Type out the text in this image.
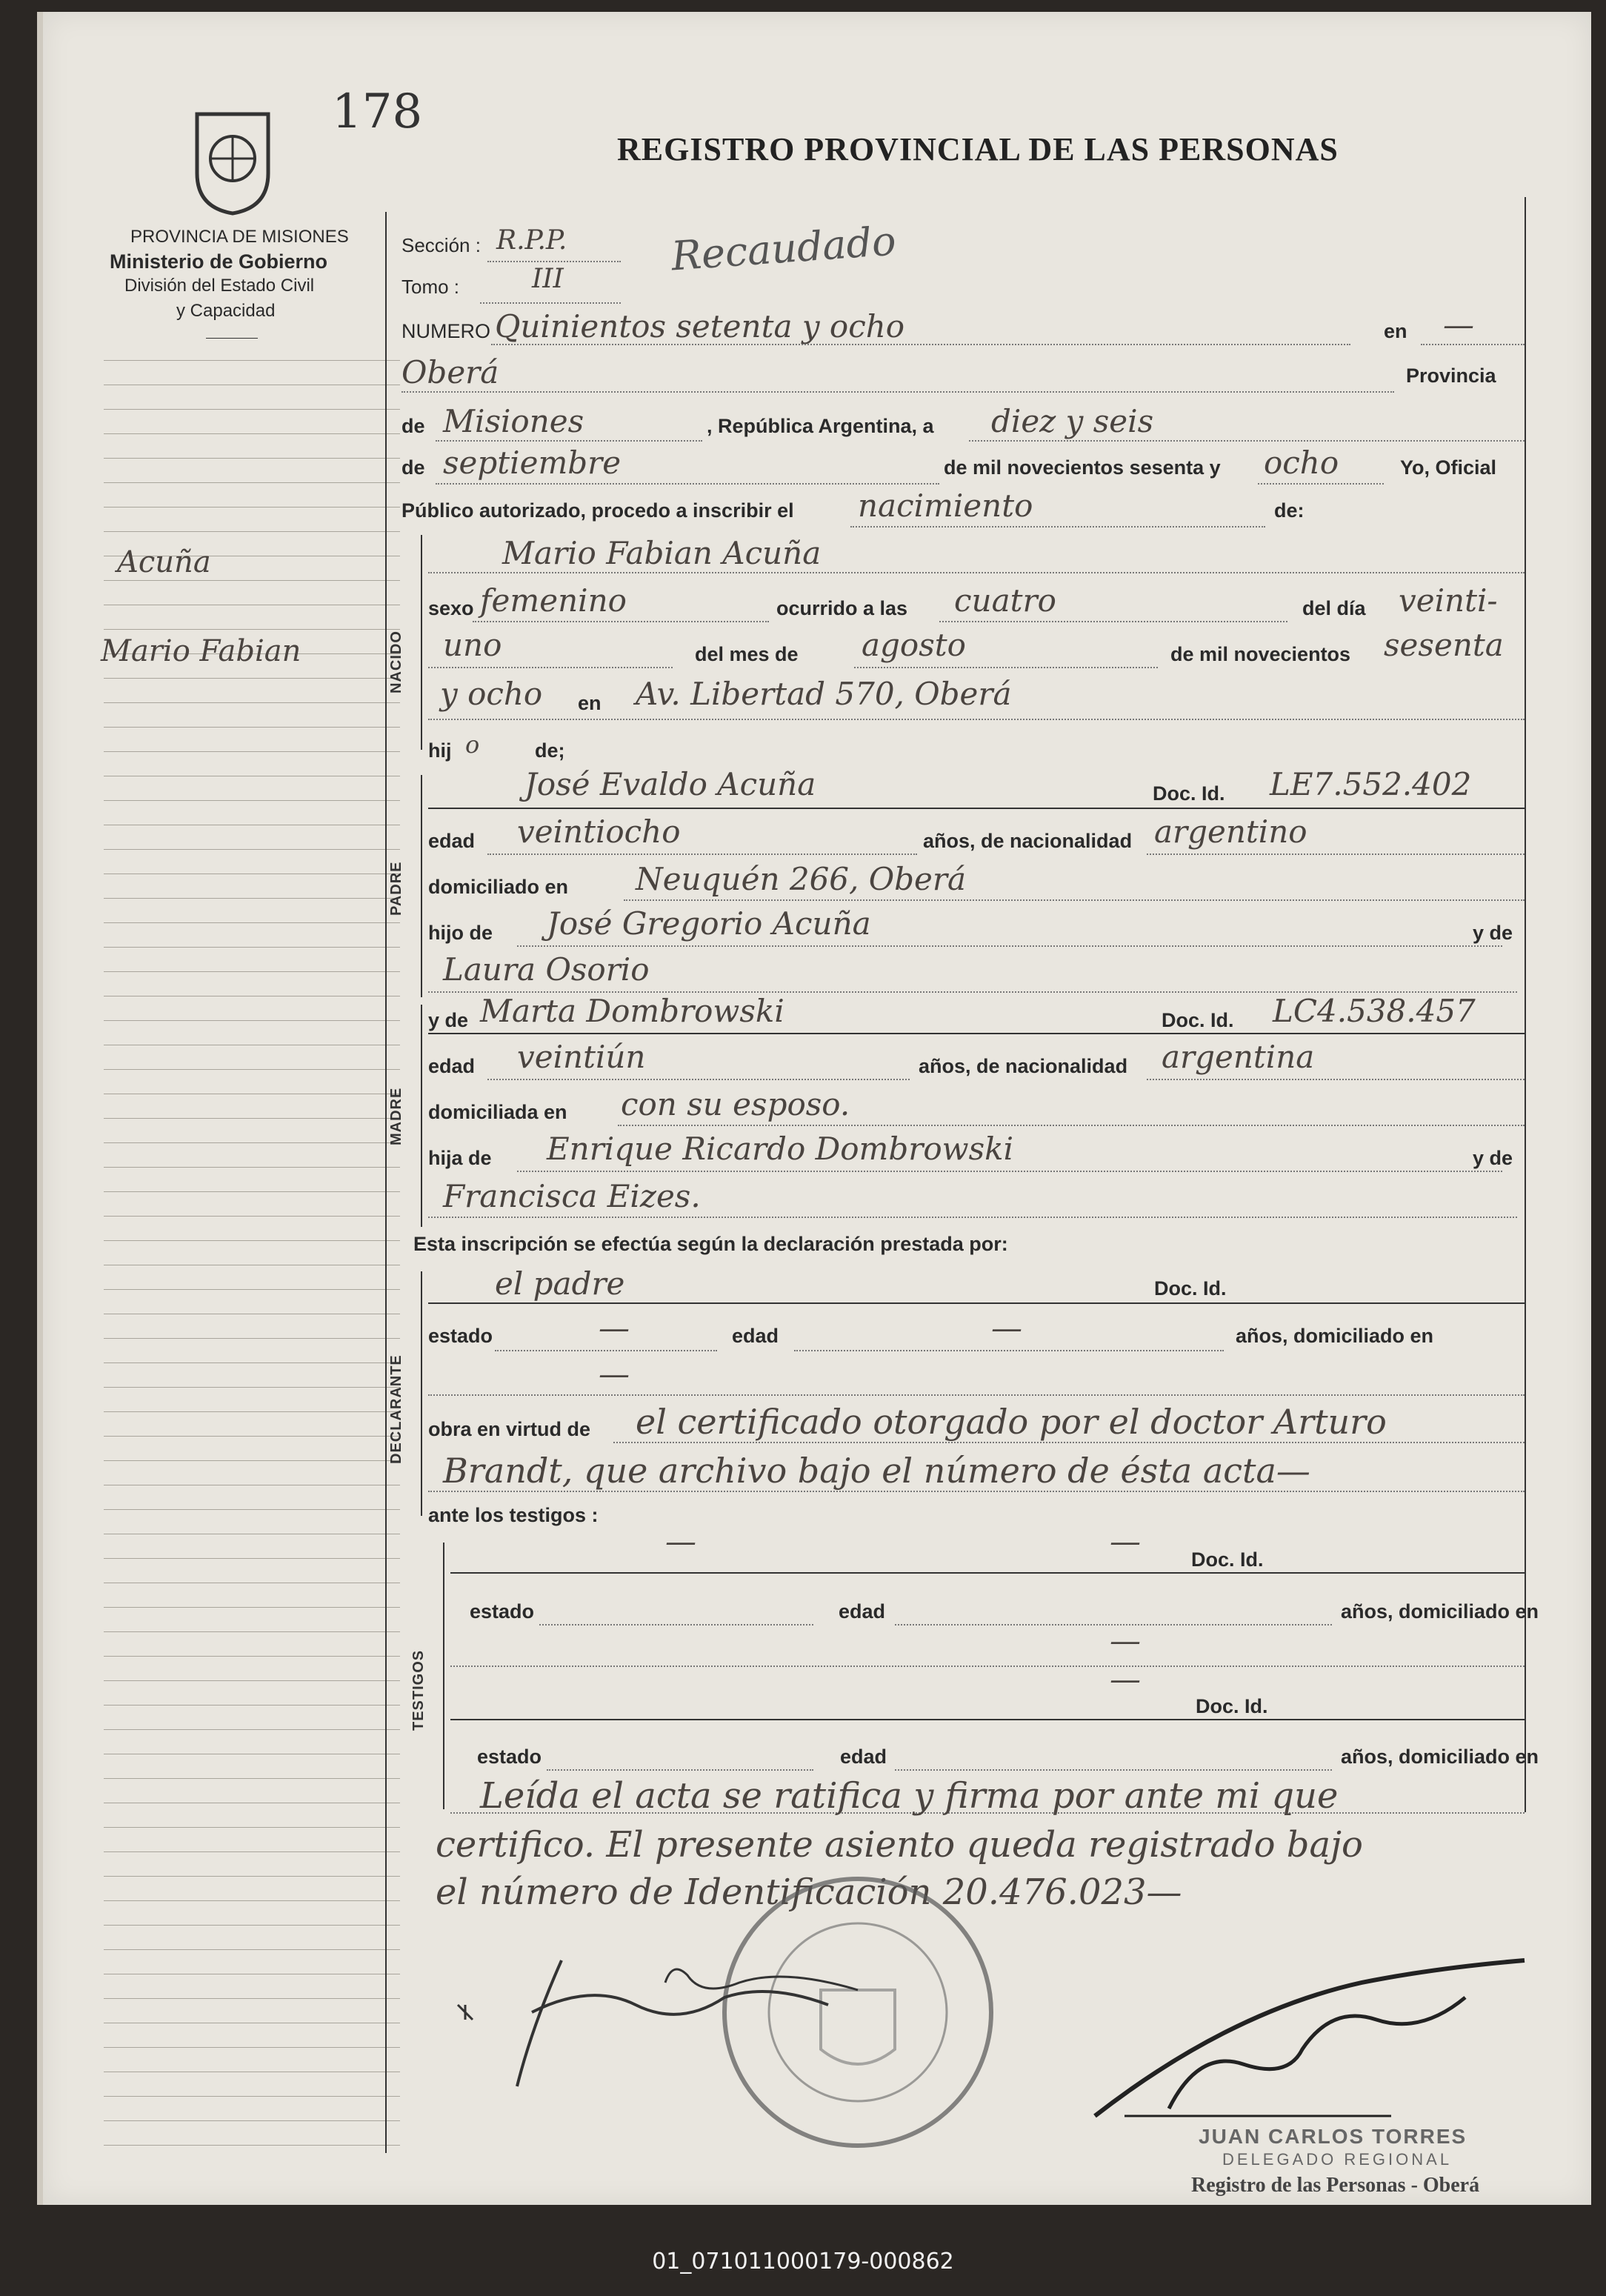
178
REGISTRO PROVINCIAL DE LAS PERSONAS
PROVINCIA DE MISIONES
Ministerio de Gobierno
División del Estado Civil
y Capacidad
Acuña
Mario Fabian
Recaudado
Sección : R.P.P.
Tomo :	III
NUMERO Quinientos setenta y ocho	en —
Oberá	Provincia
de Misiones	, República Argentina, a diez y seis
de septiembre	de mil novecientos sesenta y ocho	Yo, Oficial
Público autorizado, procedo a inscribir el nacimiento	de:
NACIDO
Mario Fabian Acuña
sexo femenino	ocurrido a las cuatro	del día veinti-
uno	del mes de agosto	de mil novecientos sesenta
y ocho en Av. Libertad 570, Oberá
hij o	de;
PADRE
José Evaldo Acuña	Doc. Id. LE7.552.402
edad veintiocho	años, de nacionalidad argentino
domiciliado en Neuquén 266, Oberá
hijo de José Gregorio Acuña	y de
Laura Osorio
MADRE
y de Marta Dombrowski	Doc. Id. LC4.538.457
edad veintiún	años, de nacionalidad argentina
domiciliada en con su esposo.
hija de Enrique Ricardo Dombrowski	y de
Francisca Eizes.
Esta inscripción se efectúa según la declaración prestada por:
DECLARANTE
el padre	Doc. Id.
estado	—	edad	—	años, domiciliado en
—
obra en virtud de el certificado otorgado por el doctor Arturo
Brandt, que archivo bajo el número de ésta acta—
ante los testigos :
TESTIGOS
—	—	Doc. Id.
estado	edad	años, domiciliado en
—
—
Doc. Id.
estado	edad	años, domiciliado en
Leída el acta se ratifica y firma por ante mi que
certifico. El presente asiento queda registrado bajo
el número de Identificación 20.476.023—
JUAN CARLOS TORRES
DELEGADO REGIONAL
Registro de las Personas - Oberá
01_071011000179-000862
